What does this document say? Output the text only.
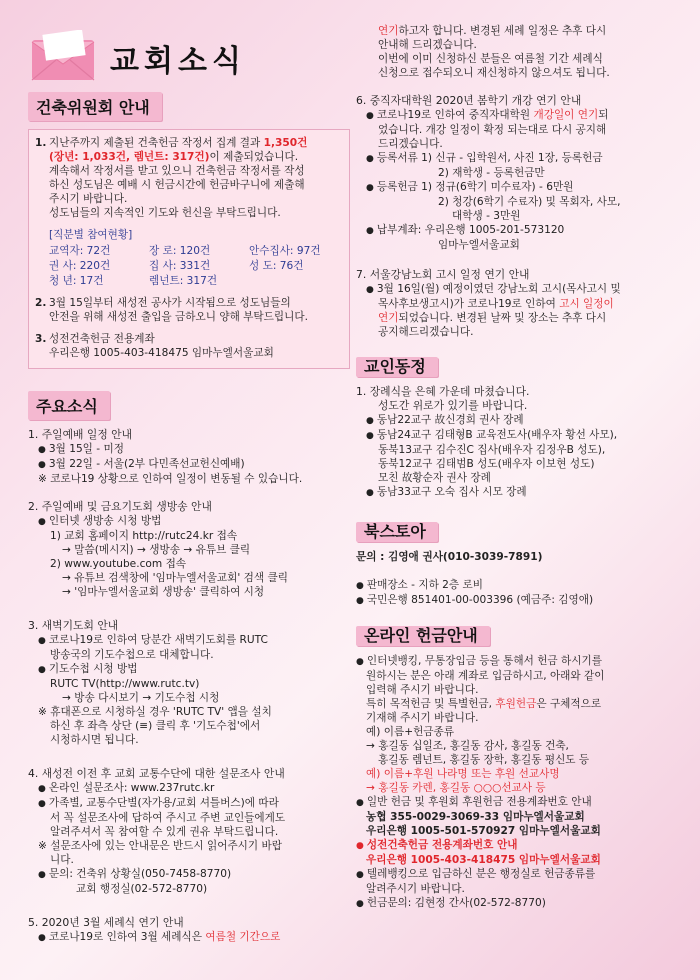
교회소식
건축위원회 안내
1. 지난주까지 제출된 건축헌금 작정서 집계 결과 1,350건
(장년: 1,033건, 렘넌트: 317건)이 제출되었습니다.
계속해서 작정서를 받고 있으니 건축헌금 작정서를 작성
하신 성도님은 예배 시 헌금시간에 헌금바구니에 제출해
주시기 바랍니다.
성도님들의 지속적인 기도와 헌신을 부탁드립니다.
[직분별 참여현황]
교역자: 72건	장 로: 120건	안수집사: 97건
권 사: 220건	집 사: 331건	성 도: 76건
청 년: 17건	렘넌트: 317건
2. 3월 15일부터 새성전 공사가 시작됨으로 성도님들의
안전을 위해 새성전 출입을 금하오니 양해 부탁드립니다.
3. 성전건축헌금 전용계좌
우리은행 1005-403-418475 임마누엘서울교회
주요소식
1. 주일예배 일정 안내
● 3월 15일 - 미정
● 3월 22일 - 서울(2부 다민족선교헌신예배)
※ 코로나19 상황으로 인하여 일정이 변동될 수 있습니다.
2. 주일예배 및 금요기도회 생방송 안내
● 인터넷 생방송 시청 방법
1) 교회 홈페이지 http://rutc24.kr 접속
→ 말씀(메시지) → 생방송 → 유튜브 클릭
2) www.youtube.com 접속
→ 유튜브 검색창에 '임마누엘서울교회' 검색 클릭
→ '임마누엘서울교회 생방송' 클릭하여 시청
3. 새벽기도회 안내
● 코로나19로 인하여 당분간 새벽기도회를 RUTC
방송국의 기도수첩으로 대체합니다.
● 기도수첩 시청 방법
RUTC TV(http://www.rutc.tv)
→ 방송 다시보기 → 기도수첩 시청
※ 휴대폰으로 시청하실 경우 'RUTC TV' 앱을 설치
하신 후 좌측 상단 (≡) 클릭 후 '기도수첩'에서
시청하시면 됩니다.
4. 새성전 이전 후 교회 교통수단에 대한 설문조사 안내
● 온라인 설문조사: www.237rutc.kr
● 가족별, 교통수단별(자가용/교회 셔틀버스)에 따라
서 꼭 설문조사에 답하여 주시고 주변 교인들에게도
알려주셔서 꼭 참여할 수 있게 권유 부탁드립니다.
※ 설문조사에 있는 안내문은 반드시 읽어주시기 바랍
니다.
● 문의: 건축위 상황실(050-7458-8770)
교회 행정실(02-572-8770)
5. 2020년 3월 세례식 연기 안내
● 코로나19로 인하여 3월 세례식은 여름철 기간으로
연기하고자 합니다. 변경된 세례 일정은 추후 다시
안내해 드리겠습니다.
이번에 이미 신청하신 분들은 여름철 기간 세례식
신청으로 접수되오니 재신청하지 않으셔도 됩니다.
6. 중직자대학원 2020년 봄학기 개강 연기 안내
● 코로나19로 인하여 중직자대학원 개강일이 연기되
었습니다. 개강 일정이 확정 되는대로 다시 공지해
드리겠습니다.
● 등록서류 1) 신규 - 입학원서, 사진 1장, 등록헌금
2) 재학생 - 등록헌금만
● 등록헌금 1) 정규(6학기 미수료자) - 6만원
2) 청강(6학기 수료자) 및 목회자, 사모,
대학생 - 3만원
● 납부계좌: 우리은행 1005-201-573120
임마누엘서울교회
7. 서울강남노회 고시 일정 연기 안내
● 3월 16일(월) 예정이였던 강남노회 고시(목사고시 및
목사후보생고시)가 코로나19로 인하여 고시 일정이
연기되었습니다. 변경된 날짜 및 장소는 추후 다시
공지해드리겠습니다.
교인동정
1. 장례식을 은혜 가운데 마쳤습니다.
성도간 위로가 있기를 바랍니다.
● 동남22교구 故신경희 권사 장례
● 동남24교구 김태형B 교육전도사(배우자 황선 사모),
동북13교구 김수진C 집사(배우자 김정우B 성도),
동북12교구 김태범B 성도(배우자 이보현 성도)
모친 故황순자 권사 장례
● 동남33교구 오숙 집사 시모 장례
북스토아
문의 : 김영애 권사(010-3039-7891)
● 판매장소 - 지하 2층 로비
● 국민은행 851401-00-003396 (예금주: 김영애)
온라인 헌금안내
● 인터넷뱅킹, 무통장입금 등을 통해서 헌금 하시기를
원하시는 분은 아래 계좌로 입금하시고, 아래와 같이
입력해 주시기 바랍니다.
특히 목적헌금 및 특별헌금, 후원헌금은 구체적으로
기재해 주시기 바랍니다.
예) 이름+헌금종류
→ 홍길동 십일조, 홍길동 감사, 홍길동 건축,
홍길동 렘넌트, 홍길동 장학, 홍길동 평신도 등
예) 이름+후원 나라명 또는 후원 선교사명
→ 홍길동 카렌, 홍길동 ○○○선교사 등
● 일반 헌금 및 후원회 후원헌금 전용계좌번호 안내
농협 355-0029-3069-33 임마누엘서울교회
우리은행 1005-501-570927 임마누엘서울교회
● 성전건축헌금 전용계좌번호 안내
우리은행 1005-403-418475 임마누엘서울교회
● 텔레뱅킹으로 입금하신 분은 행정실로 헌금종류를
알려주시기 바랍니다.
● 헌금문의: 김현정 간사(02-572-8770)
